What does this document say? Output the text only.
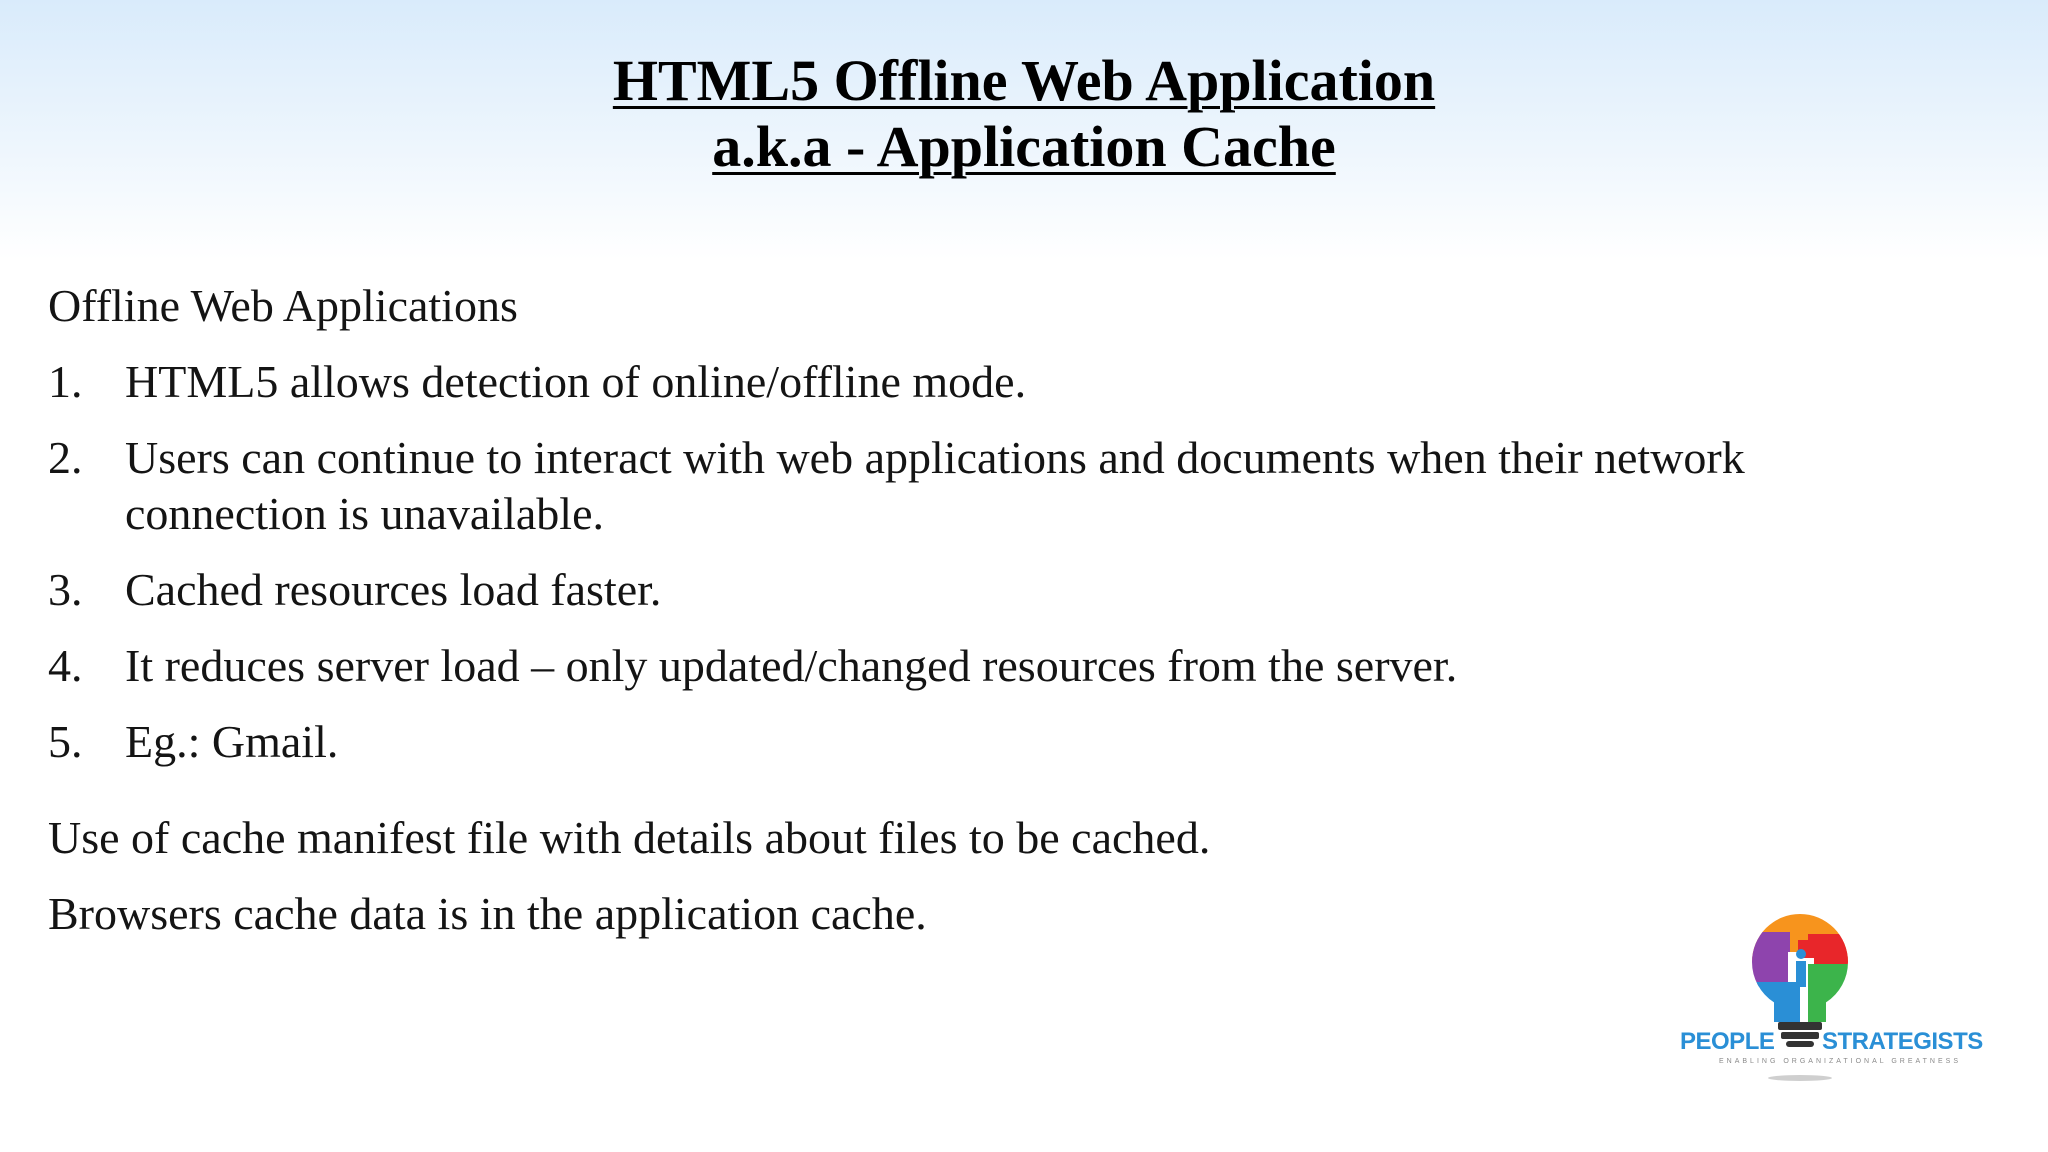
HTML5 Offline Web Application
a.k.a - Application Cache
Offline Web Applications
1. HTML5 allows detection of online/offline mode.
2. Users can continue to interact with web applications and documents when their network connection is unavailable.
3. Cached resources load faster.
4. It reduces server load – only updated/changed resources from the server.
5. Eg.: Gmail.

Use of cache manifest file with details about files to be cached.

Browsers cache data is in the application cache.

PEOPLE STRATEGISTS
ENABLING ORGANIZATIONAL GREATNESS
